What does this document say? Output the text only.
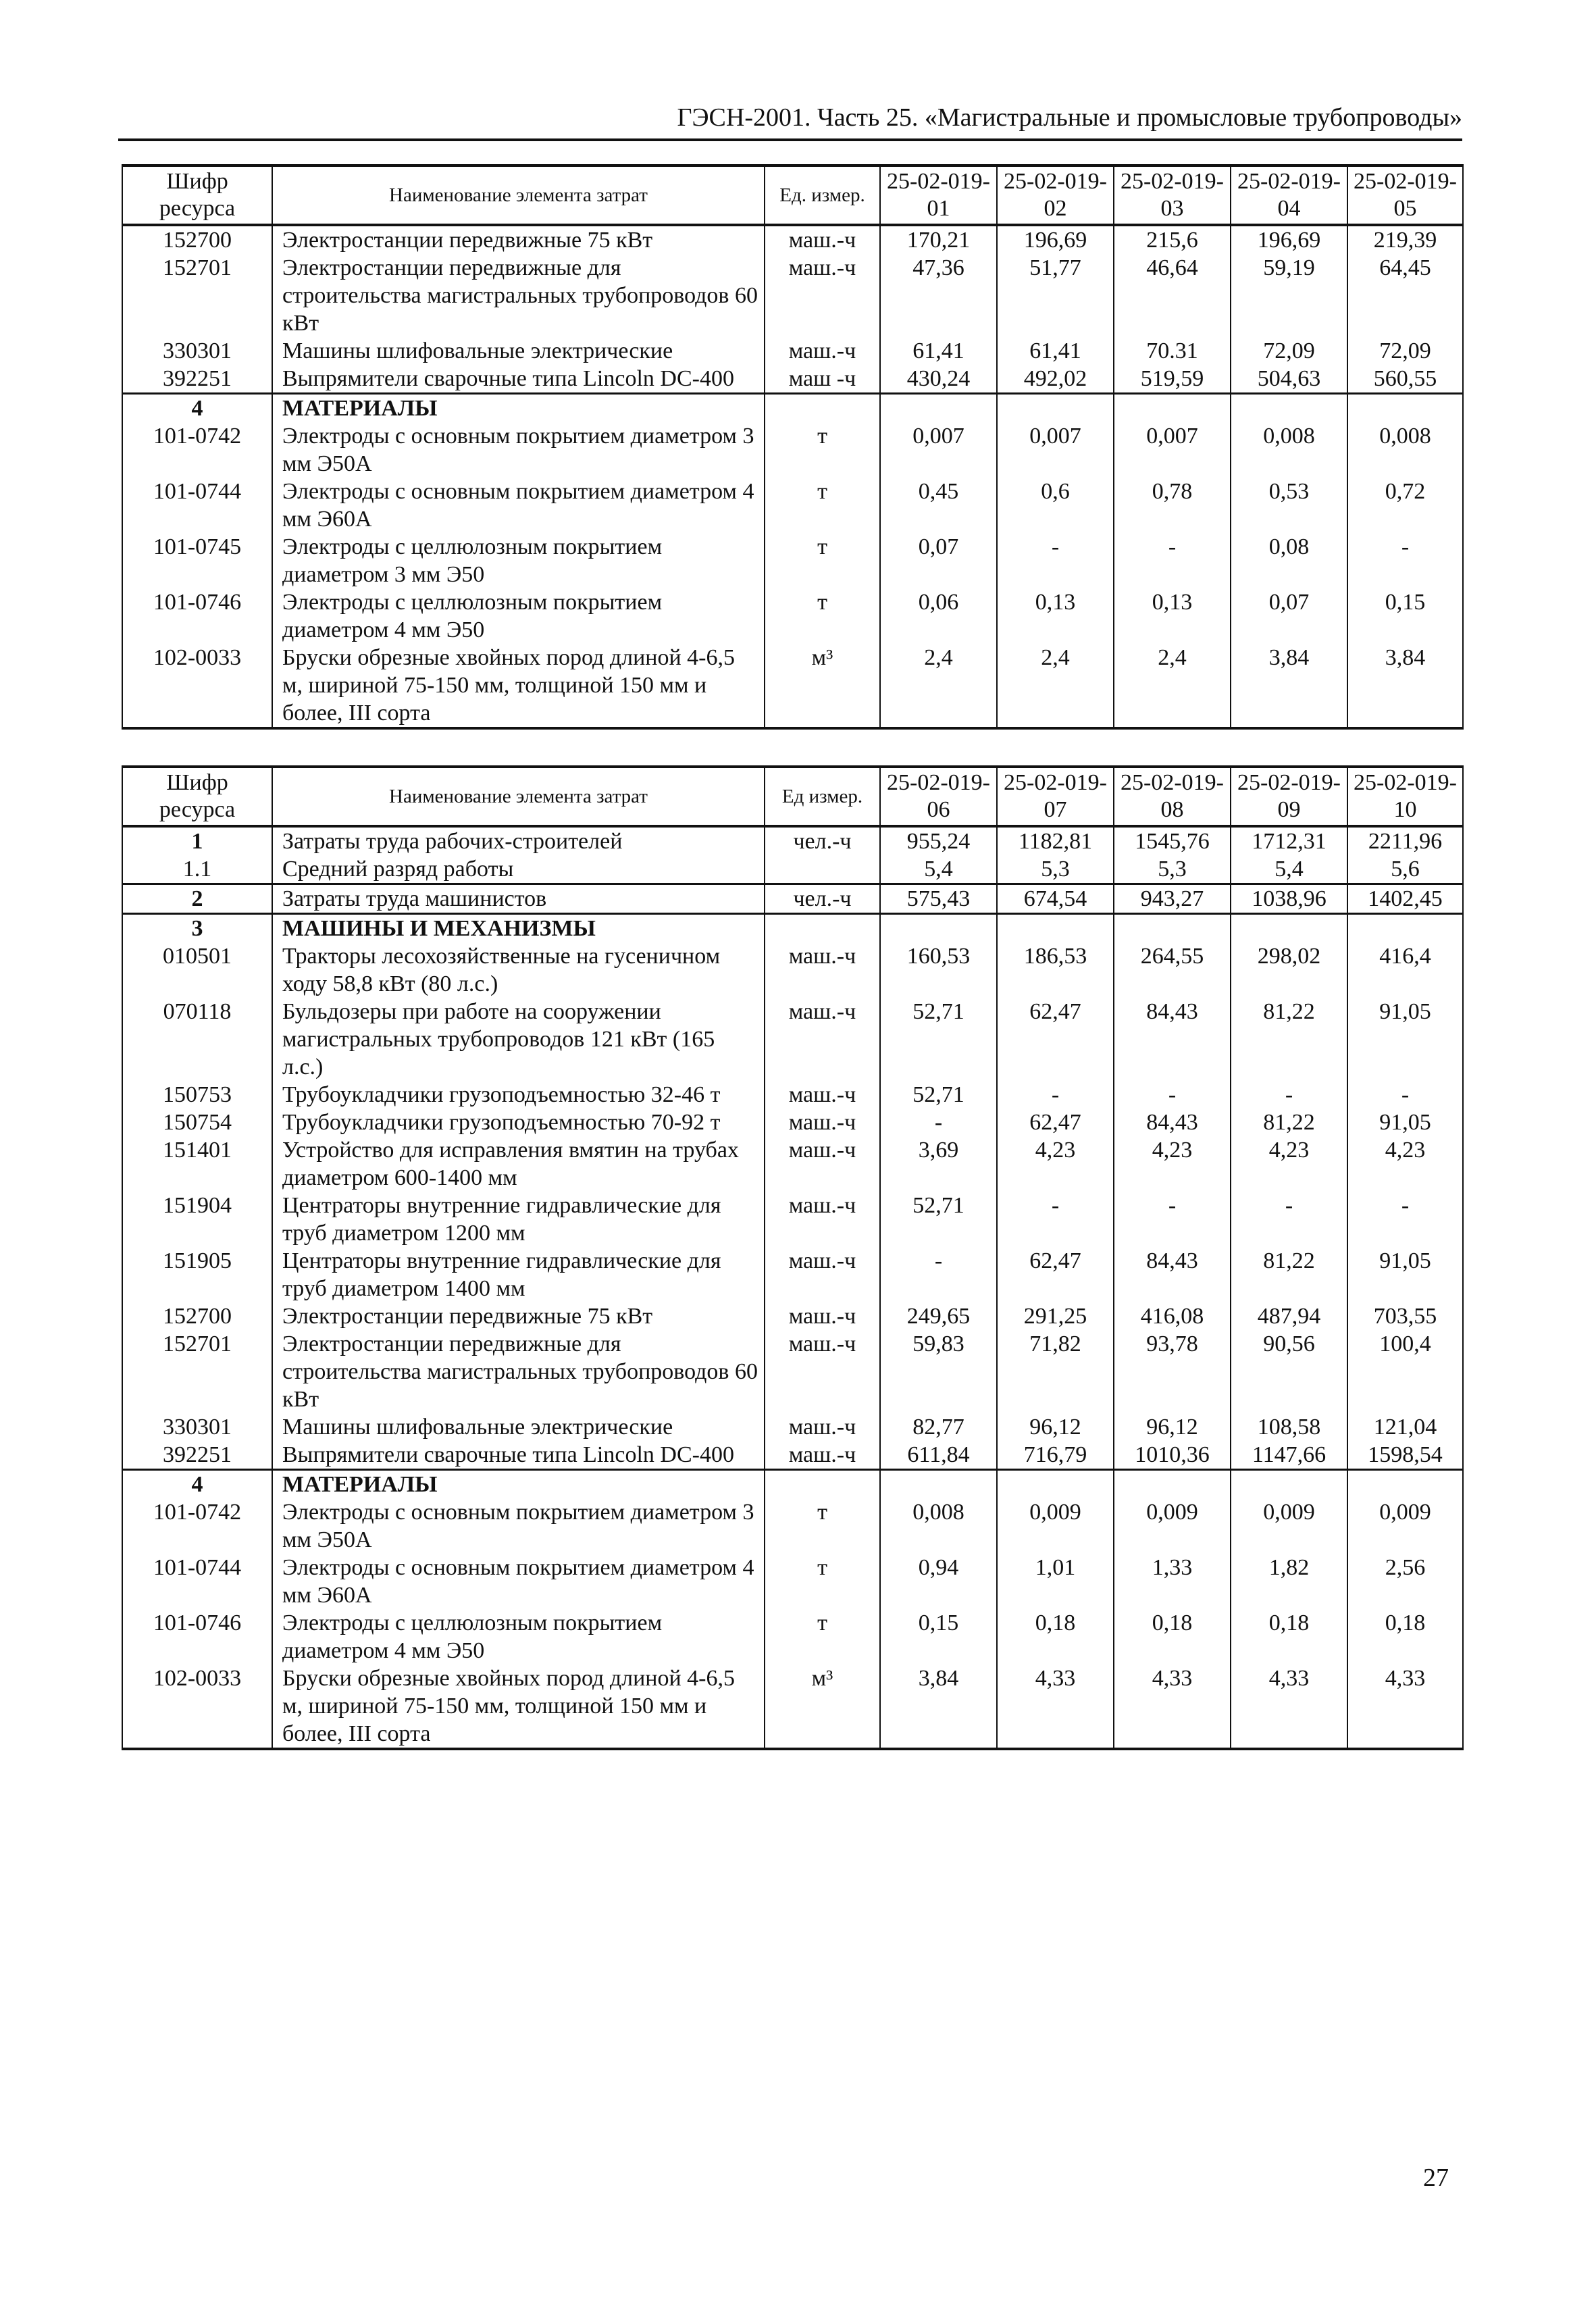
ГЭСН-2001. Часть 25. «Магистральные и промысловые трубопроводы»
Шифр ресурса	Наименование элемента затрат	Ед. измер.	25-02-019-01	25-02-019-02	25-02-019-03	25-02-019-04	25-02-019-05
152700	Электростанции передвижные 75 кВт	маш.-ч	170,21	196,69	215,6	196,69	219,39
152701	Электростанции передвижные для строительства магистральных трубопроводов 60 кВт	маш.-ч	47,36	51,77	46,64	59,19	64,45
330301	Машины шлифовальные электрические	маш.-ч	61,41	61,41	70.31	72,09	72,09
392251	Выпрямители сварочные типа Lincoln DC-400	маш -ч	430,24	492,02	519,59	504,63	560,55
4	МАТЕРИАЛЫ						
101-0742	Электроды с основным покрытием диаметром 3 мм Э50А	т	0,007	0,007	0,007	0,008	0,008
101-0744	Электроды с основным покрытием диаметром 4 мм Э60А	т	0,45	0,6	0,78	0,53	0,72
101-0745	Электроды с целлюлозным покрытием диаметром 3 мм Э50	т	0,07	-	-	0,08	-
101-0746	Электроды с целлюлозным покрытием диаметром 4 мм Э50	т	0,06	0,13	0,13	0,07	0,15
102-0033	Бруски обрезные хвойных пород длиной 4-6,5 м, шириной 75-150 мм, толщиной 150 мм и более, III сорта	м³	2,4	2,4	2,4	3,84	3,84
Шифр ресурса	Наименование элемента затрат	Ед измер.	25-02-019-06	25-02-019-07	25-02-019-08	25-02-019-09	25-02-019-10
1	Затраты труда рабочих-строителей	чел.-ч	955,24	1182,81	1545,76	1712,31	2211,96
1.1	Средний разряд работы		5,4	5,3	5,3	5,4	5,6
2	Затраты труда машинистов	чел.-ч	575,43	674,54	943,27	1038,96	1402,45
3	МАШИНЫ И МЕХАНИЗМЫ						
010501	Тракторы лесохозяйственные на гусеничном ходу 58,8 кВт (80 л.с.)	маш.-ч	160,53	186,53	264,55	298,02	416,4
070118	Бульдозеры при работе на сооружении магистральных трубопроводов 121 кВт (165 л.с.)	маш.-ч	52,71	62,47	84,43	81,22	91,05
150753	Трубоукладчики грузоподъемностью 32-46 т	маш.-ч	52,71	-	-	-	-
150754	Трубоукладчики грузоподъемностью 70-92 т	маш.-ч	-	62,47	84,43	81,22	91,05
151401	Устройство для исправления вмятин на трубах диаметром 600-1400 мм	маш.-ч	3,69	4,23	4,23	4,23	4,23
151904	Центраторы внутренние гидравлические для труб диаметром 1200 мм	маш.-ч	52,71	-	-	-	-
151905	Центраторы внутренние гидравлические для труб диаметром 1400 мм	маш.-ч	-	62,47	84,43	81,22	91,05
152700	Электростанции передвижные 75 кВт	маш.-ч	249,65	291,25	416,08	487,94	703,55
152701	Электростанции передвижные для строительства магистральных трубопроводов 60 кВт	маш.-ч	59,83	71,82	93,78	90,56	100,4
330301	Машины шлифовальные электрические	маш.-ч	82,77	96,12	96,12	108,58	121,04
392251	Выпрямители сварочные типа Lincoln DC-400	маш.-ч	611,84	716,79	1010,36	1147,66	1598,54
4	МАТЕРИАЛЫ						
101-0742	Электроды с основным покрытием диаметром 3 мм Э50А	т	0,008	0,009	0,009	0,009	0,009
101-0744	Электроды с основным покрытием диаметром 4 мм Э60А	т	0,94	1,01	1,33	1,82	2,56
101-0746	Электроды с целлюлозным покрытием диаметром 4 мм Э50	т	0,15	0,18	0,18	0,18	0,18
102-0033	Бруски обрезные хвойных пород длиной 4-6,5 м, шириной 75-150 мм, толщиной 150 мм и более, III сорта	м³	3,84	4,33	4,33	4,33	4,33
27
